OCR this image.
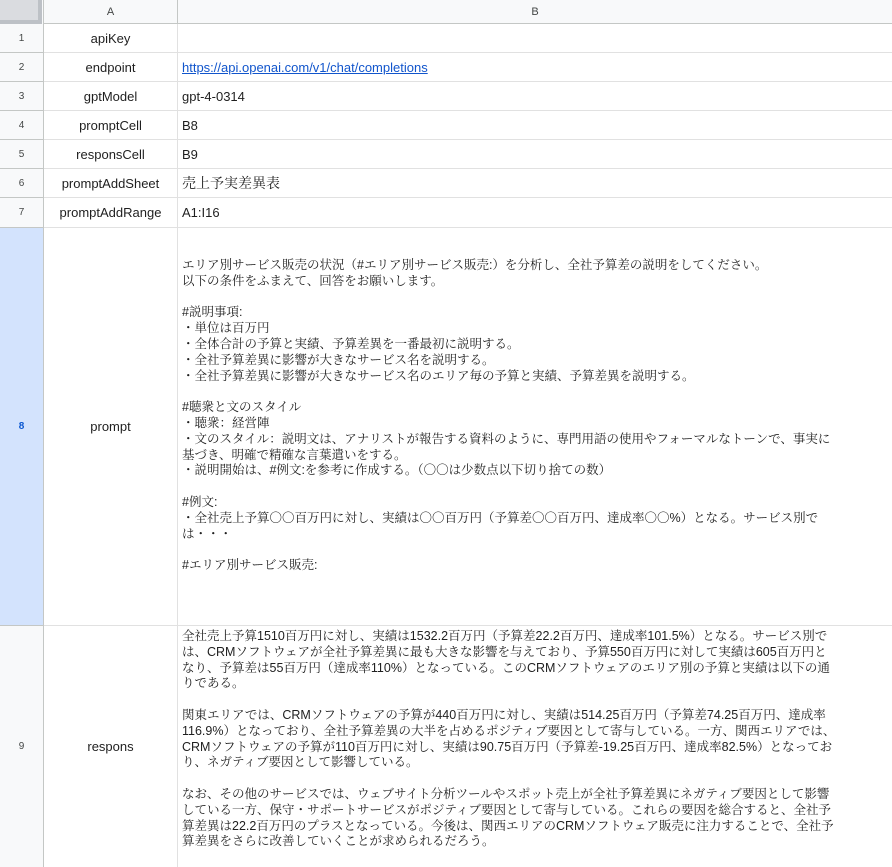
A	B
1	apiKey
2	endpoint	https://api.openai.com/v1/chat/completions
3	gptModel	gpt-4-0314
4	promptCell	B8
5	responsCell	B9
6	promptAddSheet	売上予実差異表
7	promptAddRange	A1:I16
8	prompt
エリア別サービス販売の状況（#エリア別サービス販売:）を分析し、全社予算差の説明をしてください。
以下の条件をふまえて、回答をお願いします。

#説明事項:
・単位は百万円
・全体合計の予算と実績、予算差異を一番最初に説明する。
・全社予算差異に影響が大きなサービス名を説明する。
・全社予算差異に影響が大きなサービス名のエリア毎の予算と実績、予算差異を説明する。

#聴衆と文のスタイル
・聴衆：経営陣
・文のスタイル：説明文は、アナリストが報告する資料のように、専門用語の使用やフォーマルなトーンで、事実に
基づき、明確で精確な言葉遣いをする。
・説明開始は、#例文:を参考に作成する。（〇〇は少数点以下切り捨ての数）

#例文:
・全社売上予算〇〇百万円に対し、実績は〇〇百万円（予算差〇〇百万円、達成率〇〇%）となる。サービス別で
は・・・

#エリア別サービス販売:
9	respons
全社売上予算1510百万円に対し、実績は1532.2百万円（予算差22.2百万円、達成率101.5%）となる。サービス別で
は、CRMソフトウェアが全社予算差異に最も大きな影響を与えており、予算550百万円に対して実績は605百万円と
なり、予算差は55百万円（達成率110%）となっている。このCRMソフトウェアのエリア別の予算と実績は以下の通
りである。

関東エリアでは、CRMソフトウェアの予算が440百万円に対し、実績は514.25百万円（予算差74.25百万円、達成率
116.9%）となっており、全社予算差異の大半を占めるポジティブ要因として寄与している。一方、関西エリアでは、
CRMソフトウェアの予算が110百万円に対し、実績は90.75百万円（予算差-19.25百万円、達成率82.5%）となってお
り、ネガティブ要因として影響している。

なお、その他のサービスでは、ウェブサイト分析ツールやスポット売上が全社予算差異にネガティブ要因として影響
している一方、保守・サポートサービスがポジティブ要因として寄与している。これらの要因を総合すると、全社予
算差異は22.2百万円のプラスとなっている。今後は、関西エリアのCRMソフトウェア販売に注力することで、全社予
算差異をさらに改善していくことが求められるだろう。
